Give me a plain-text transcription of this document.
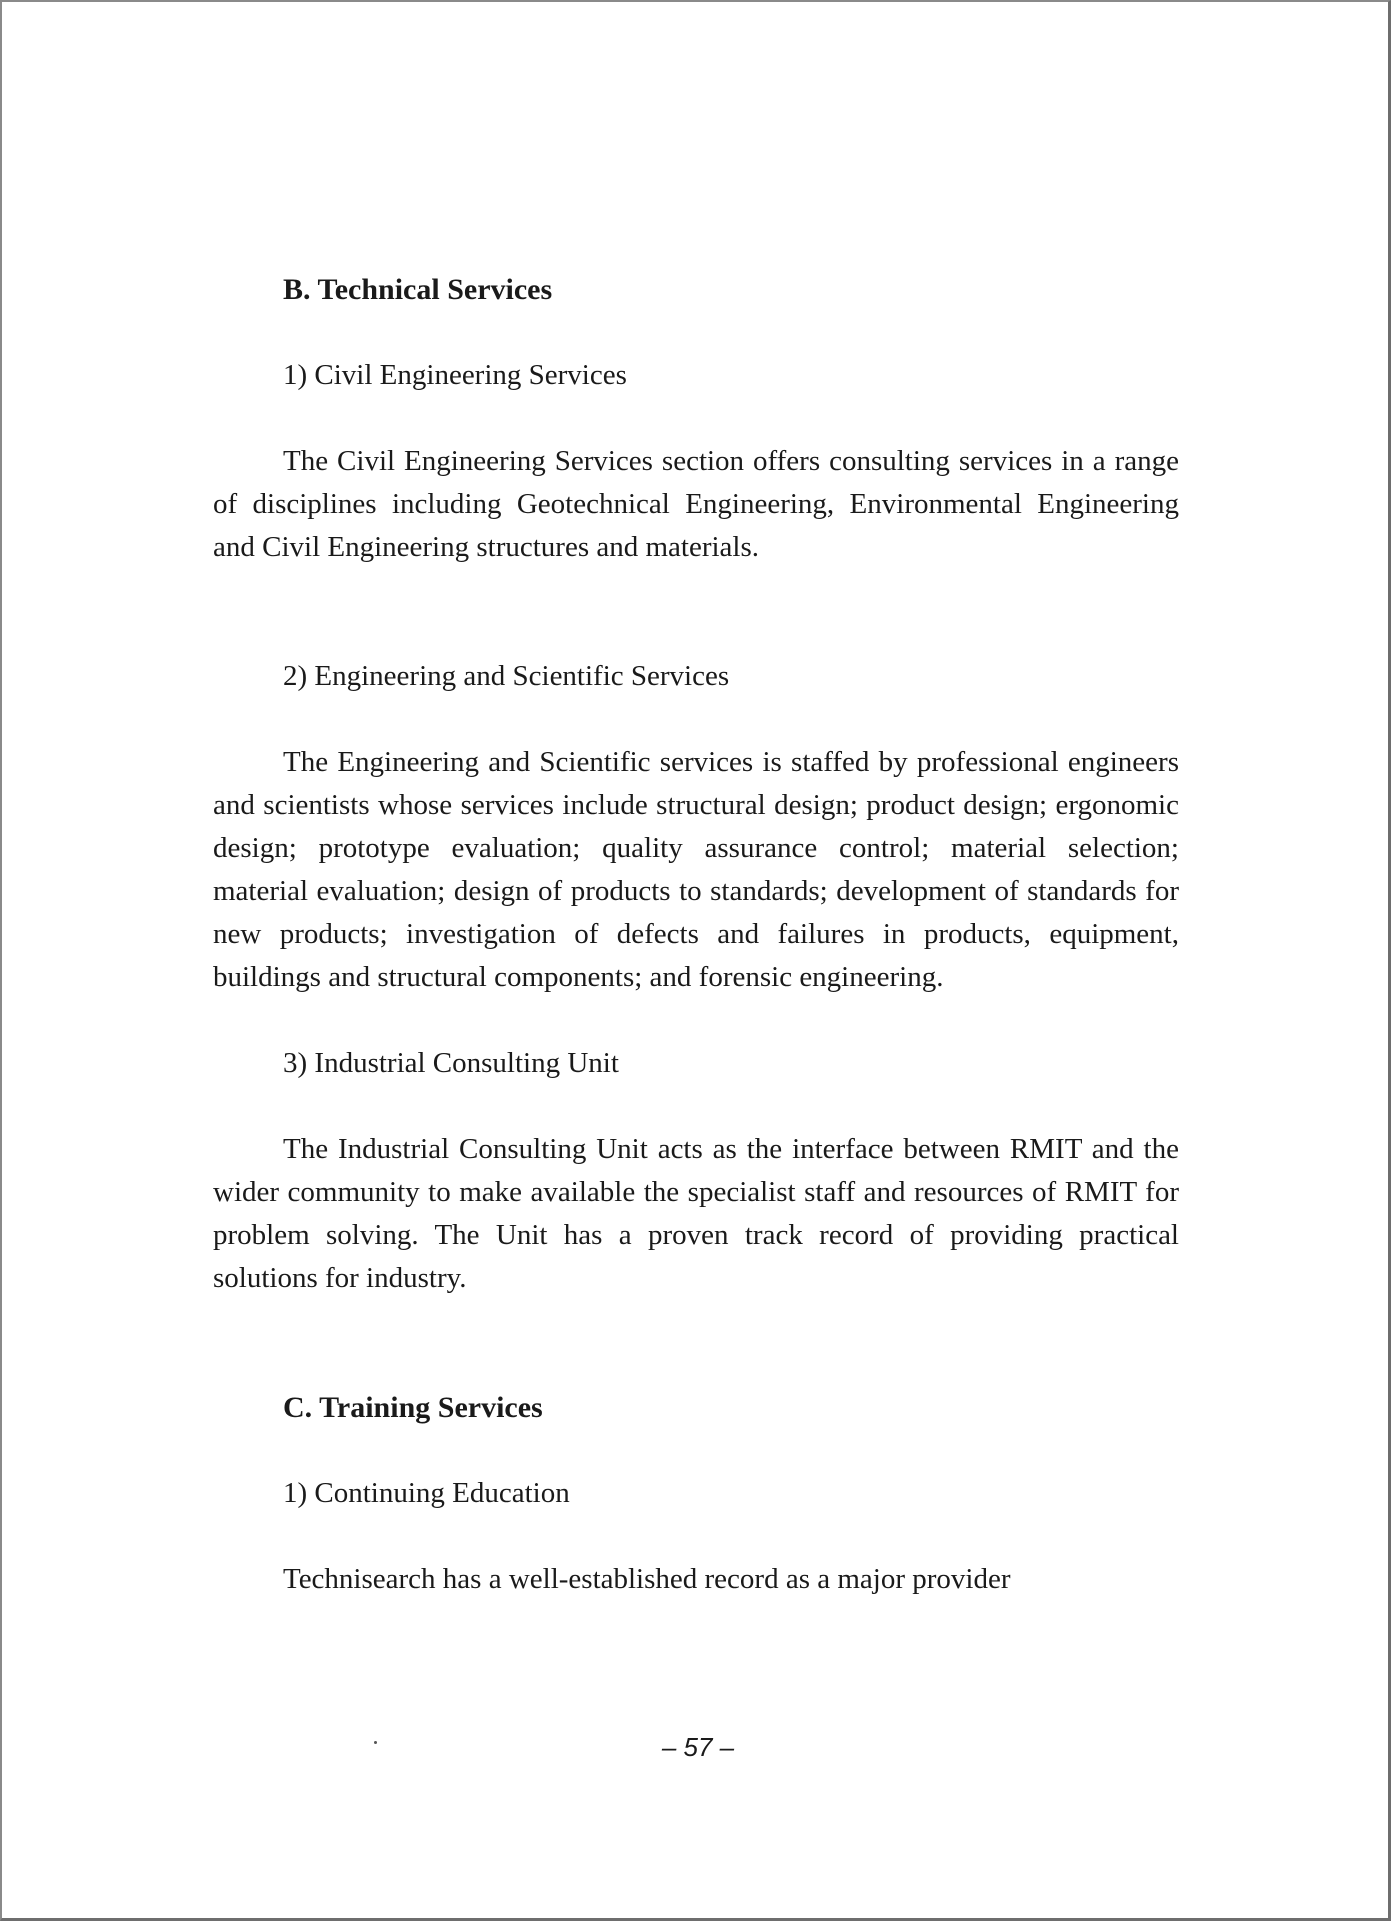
B. Technical Services
1) Civil Engineering Services

The Civil Engineering Services section offers consulting services in a range of disciplines including Geotechnical Engineering, Environmental Engineering and Civil Engineering structures and materials.

2) Engineering and Scientific Services

The Engineering and Scientific services is staffed by professional engineers and scientists whose services include structural design; product design; ergonomic design; prototype evaluation; quality assurance control; material selection; material evaluation; design of products to standards; development of standards for new products; investigation of defects and failures in products, equipment, buildings and structural components; and forensic engineering.

3) Industrial Consulting Unit

The Industrial Consulting Unit acts as the interface between RMIT and the wider community to make available the specialist staff and resources of RMIT for problem solving. The Unit has a proven track record of providing practical solutions for industry.

C. Training Services
1) Continuing Education

Technisearch has a well-established record as a major provider

– 57 –
